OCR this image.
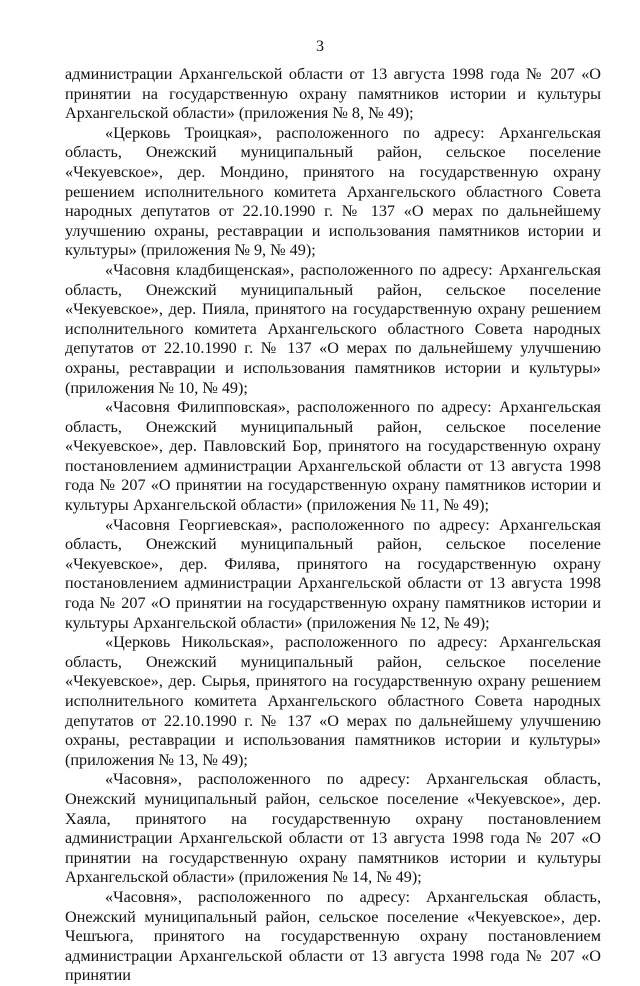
3

администрации Архангельской области от 13 августа 1998 года № 207 «О принятии на государственную охрану памятников истории и культуры Архангельской области» (приложения № 8, № 49);

«Церковь Троицкая», расположенного по адресу: Архангельская область, Онежский муниципальный район, сельское поселение «Чекуевское», дер. Мондино, принятого на государственную охрану решением исполнительного комитета Архангельского областного Совета народных депутатов от 22.10.1990 г. № 137 «О мерах по дальнейшему улучшению охраны, реставрации и использования памятников истории и культуры» (приложения № 9, № 49);

«Часовня кладбищенская», расположенного по адресу: Архангельская область, Онежский муниципальный район, сельское поселение «Чекуевское», дер. Пияла, принятого на государственную охрану решением исполнительного комитета Архангельского областного Совета народных депутатов от 22.10.1990 г. № 137 «О мерах по дальнейшему улучшению охраны, реставрации и использования памятников истории и культуры» (приложения № 10, № 49);

«Часовня Филипповская», расположенного по адресу: Архангельская область, Онежский муниципальный район, сельское поселение «Чекуевское», дер. Павловский Бор, принятого на государственную охрану постановлением администрации Архангельской области от 13 августа 1998 года № 207 «О принятии на государственную охрану памятников истории и культуры Архангельской области» (приложения № 11, № 49);

«Часовня Георгиевская», расположенного по адресу: Архангельская область, Онежский муниципальный район, сельское поселение «Чекуевское», дер. Филява, принятого на государственную охрану постановлением администрации Архангельской области от 13 августа 1998 года № 207 «О принятии на государственную охрану памятников истории и культуры Архангельской области» (приложения № 12, № 49);

«Церковь Никольская», расположенного по адресу: Архангельская область, Онежский муниципальный район, сельское поселение «Чекуевское», дер. Сырья, принятого на государственную охрану решением исполнительного комитета Архангельского областного Совета народных депутатов от 22.10.1990 г. № 137 «О мерах по дальнейшему улучшению охраны, реставрации и использования памятников истории и культуры» (приложения № 13, № 49);

«Часовня», расположенного по адресу: Архангельская область, Онежский муниципальный район, сельское поселение «Чекуевское», дер. Хаяла, принятого на государственную охрану постановлением администрации Архангельской области от 13 августа 1998 года № 207 «О принятии на государственную охрану памятников истории и культуры Архангельской области» (приложения № 14, № 49);

«Часовня», расположенного по адресу: Архангельская область, Онежский муниципальный район, сельское поселение «Чекуевское», дер. Чешъюга, принятого на государственную охрану постановлением администрации Архангельской области от 13 августа 1998 года № 207 «О принятии
